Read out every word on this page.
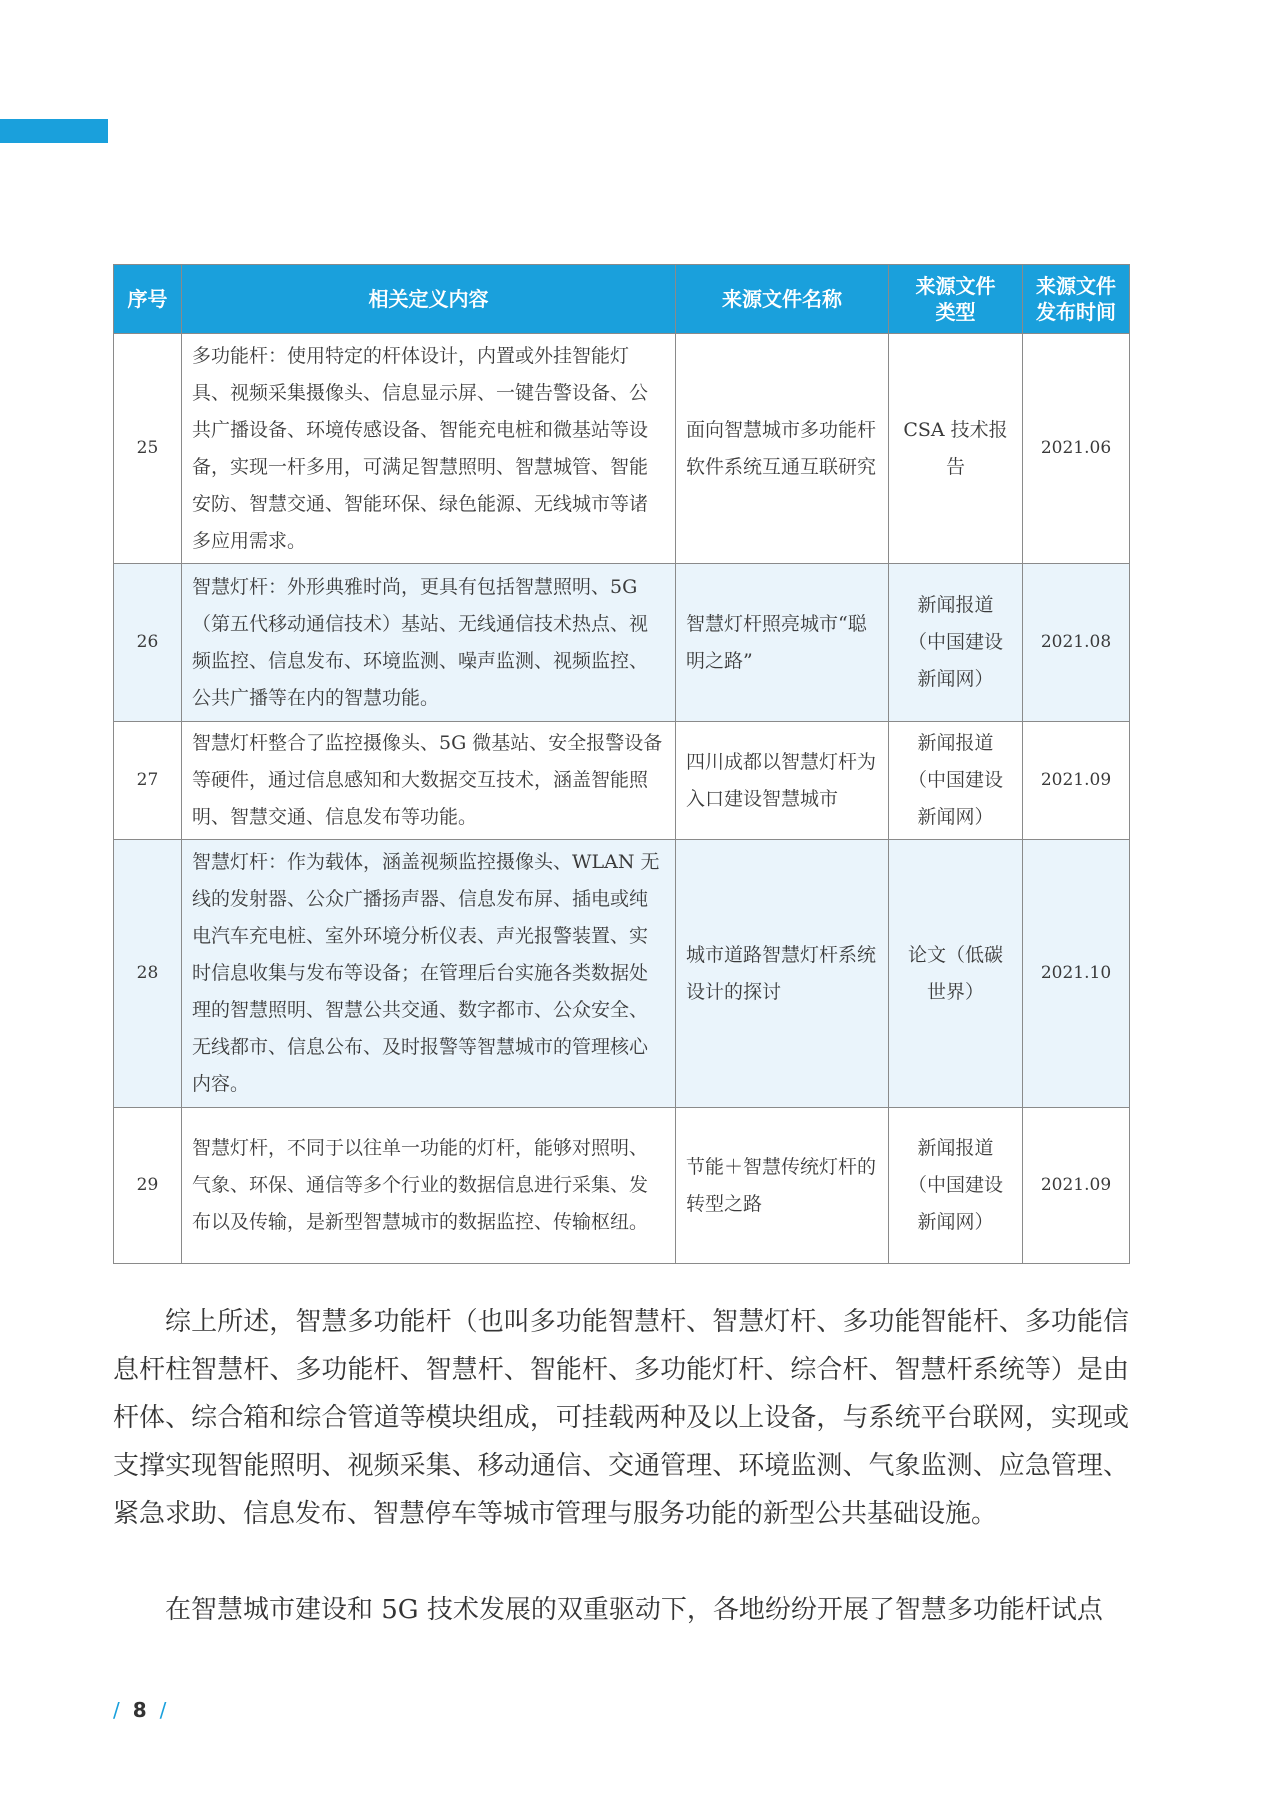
序号	相关定义内容	来源文件名称	来源文件类型	来源文件发布时间
25	多功能杆：使用特定的杆体设计，内置或外挂智能灯具、视频采集摄像头、信息显示屏、一键告警设备、公共广播设备、环境传感设备、智能充电桩和微基站等设备，实现一杆多用，可满足智慧照明、智慧城管、智能安防、智慧交通、智能环保、绿色能源、无线城市等诸多应用需求。	面向智慧城市多功能杆软件系统互通互联研究	CSA 技术报告	2021.06
26	智慧灯杆：外形典雅时尚，更具有包括智慧照明、5G（第五代移动通信技术）基站、无线通信技术热点、视频监控、信息发布、环境监测、噪声监测、视频监控、公共广播等在内的智慧功能。	智慧灯杆照亮城市“聪明之路”	新闻报道（中国建设新闻网）	2021.08
27	智慧灯杆整合了监控摄像头、5G 微基站、安全报警设备等硬件，通过信息感知和大数据交互技术，涵盖智能照明、智慧交通、信息发布等功能。	四川成都以智慧灯杆为入口建设智慧城市	新闻报道（中国建设新闻网）	2021.09
28	智慧灯杆：作为载体，涵盖视频监控摄像头、WLAN 无线的发射器、公众广播扬声器、信息发布屏、插电或纯电汽车充电桩、室外环境分析仪表、声光报警装置、实时信息收集与发布等设备；在管理后台实施各类数据处理的智慧照明、智慧公共交通、数字都市、公众安全、无线都市、信息公布、及时报警等智慧城市的管理核心内容。	城市道路智慧灯杆系统设计的探讨	论文（低碳世界）	2021.10
29	智慧灯杆，不同于以往单一功能的灯杆，能够对照明、气象、环保、通信等多个行业的数据信息进行采集、发布以及传输，是新型智慧城市的数据监控、传输枢纽。	节能＋智慧传统灯杆的转型之路	新闻报道（中国建设新闻网）	2021.09

综上所述，智慧多功能杆（也叫多功能智慧杆、智慧灯杆、多功能智能杆、多功能信息杆柱智慧杆、多功能杆、智慧杆、智能杆、多功能灯杆、综合杆、智慧杆系统等）是由杆体、综合箱和综合管道等模块组成，可挂载两种及以上设备，与系统平台联网，实现或支撑实现智能照明、视频采集、移动通信、交通管理、环境监测、气象监测、应急管理、紧急求助、信息发布、智慧停车等城市管理与服务功能的新型公共基础设施。

在智慧城市建设和 5G 技术发展的双重驱动下，各地纷纷开展了智慧多功能杆试点

/ 8 /
